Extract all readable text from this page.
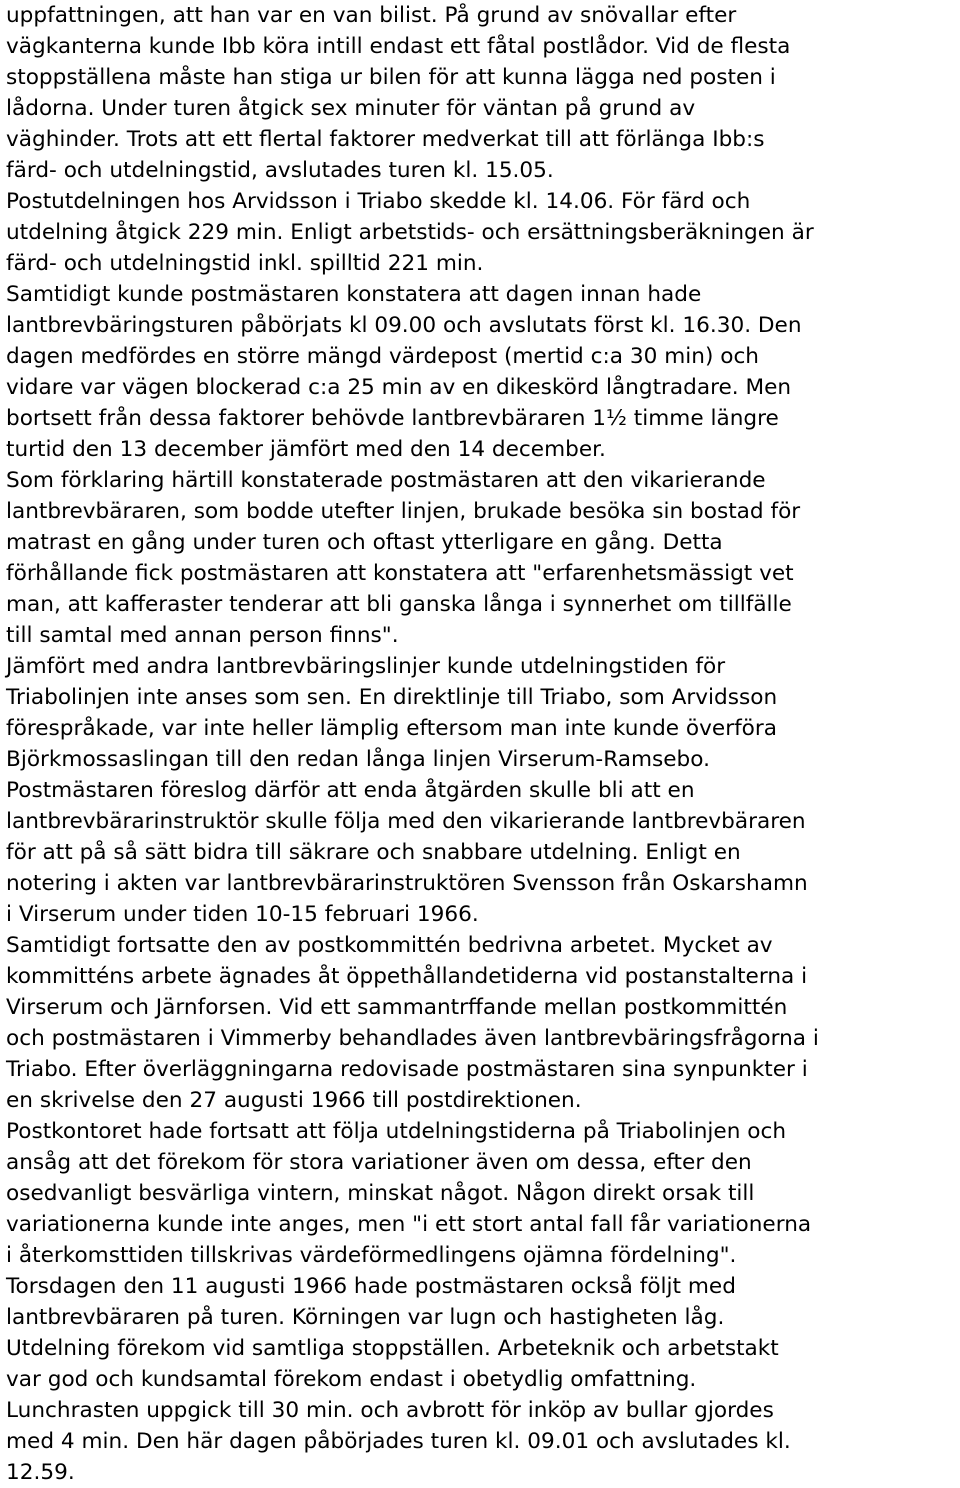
uppfattningen, att han var en van bilist. På grund av snövallar efter

vägkanterna kunde Ibb köra intill endast ett fåtal postlådor. Vid de flesta

stoppställena måste han stiga ur bilen för att kunna lägga ned posten i

lådorna. Under turen åtgick sex minuter för väntan på grund av

väghinder. Trots att ett flertal faktorer medverkat till att förlänga Ibb:s

färd- och utdelningstid, avslutades turen kl. 15.05.

Postutdelningen hos Arvidsson i Triabo skedde kl. 14.06. För färd och

utdelning åtgick 229 min. Enligt arbetstids- och ersättningsberäkningen är

färd- och utdelningstid inkl. spilltid 221 min.

Samtidigt kunde postmästaren konstatera att dagen innan hade

lantbrevbäringsturen påbörjats kl 09.00 och avslutats först kl. 16.30. Den

dagen medfördes en större mängd värdepost (mertid c:a 30 min) och

vidare var vägen blockerad c:a 25 min av en dikeskörd långtradare. Men

bortsett från dessa faktorer behövde lantbrevbäraren 1½ timme längre

turtid den 13 december jämfört med den 14 december.

Som förklaring härtill konstaterade postmästaren att den vikarierande

lantbrevbäraren, som bodde utefter linjen, brukade besöka sin bostad för

matrast en gång under turen och oftast ytterligare en gång. Detta

förhållande fick postmästaren att konstatera att "erfarenhetsmässigt vet

man, att kafferaster tenderar att bli ganska långa i synnerhet om tillfälle

till samtal med annan person finns".

Jämfört med andra lantbrevbäringslinjer kunde utdelningstiden för

Triabolinjen inte anses som sen. En direktlinje till Triabo, som Arvidsson

förespråkade, var inte heller lämplig eftersom man inte kunde överföra

Björkmossaslingan till den redan långa linjen Virserum-Ramsebo.

Postmästaren föreslog därför att enda åtgärden skulle bli att en

lantbrevbärarinstruktör skulle följa med den vikarierande lantbrevbäraren

för att på så sätt bidra till säkrare och snabbare utdelning. Enligt en

notering i akten var lantbrevbärarinstruktören Svensson från Oskarshamn

i Virserum under tiden 10-15 februari 1966.

Samtidigt fortsatte den av postkommittén bedrivna arbetet. Mycket av

kommitténs arbete ägnades åt öppethållandetiderna vid postanstalterna i

Virserum och Järnforsen. Vid ett sammantrffande mellan postkommittén

och postmästaren i Vimmerby behandlades även lantbrevbäringsfrågorna i

Triabo. Efter överläggningarna redovisade postmästaren sina synpunkter i

en skrivelse den 27 augusti 1966 till postdirektionen.

Postkontoret hade fortsatt att följa utdelningstiderna på Triabolinjen och

ansåg att det förekom för stora variationer även om dessa, efter den

osedvanligt besvärliga vintern, minskat något. Någon direkt orsak till

variationerna kunde inte anges, men "i ett stort antal fall får variationerna

i återkomsttiden tillskrivas värdeförmedlingens ojämna fördelning".

Torsdagen den 11 augusti 1966 hade postmästaren också följt med

lantbrevbäraren på turen. Körningen var lugn och hastigheten låg.

Utdelning förekom vid samtliga stoppställen. Arbeteknik och arbetstakt

var god och kundsamtal förekom endast i obetydlig omfattning.

Lunchrasten uppgick till 30 min. och avbrott för inköp av bullar gjordes

med 4 min. Den här dagen påbörjades turen kl. 09.01 och avslutades kl.

12.59.
